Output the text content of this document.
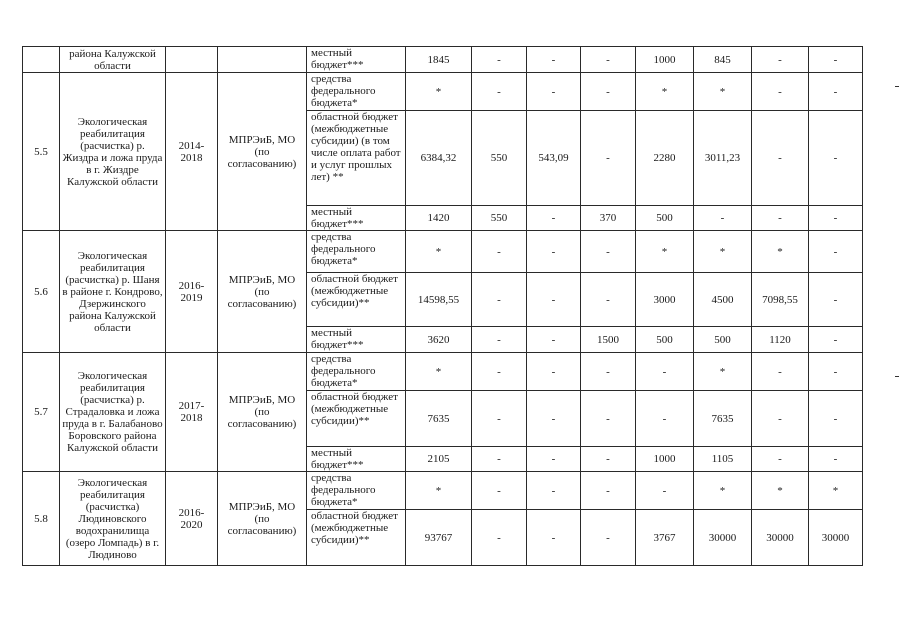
	района Калужской области			местный бюджет***	1845	-	-	-	1000	845	-	-
5.5	Экологическая реабилитация (расчистка) р. Жиздра и ложа пруда в г. Жиздре Калужской области	2014-2018	МПРЭиБ, МО (по согласованию)	средства федерального бюджета*	*	-	-	-	*	*	-	-
				областной бюджет (межбюджетные субсидии) (в том числе оплата работ и услуг прошлых лет) **	6384,32	550	543,09	-	2280	3011,23	-	-
				местный бюджет***	1420	550	-	370	500	-	-	-
5.6	Экологическая реабилитация (расчистка) р. Шаня в районе г. Кондрово, Дзержинского района Калужской области	2016-2019	МПРЭиБ, МО (по согласованию)	средства федерального бюджета*	*	-	-	-	*	*	*	-
				областной бюджет (межбюджетные субсидии)**	14598,55	-	-	-	3000	4500	7098,55	-
				местный бюджет***	3620	-	-	1500	500	500	1120	-
5.7	Экологическая реабилитация (расчистка) р. Страдаловка и ложа пруда в г. Балабаново Боровского района Калужской области	2017-2018	МПРЭиБ, МО (по согласованию)	средства федерального бюджета*	*	-	-	-	-	*	-	-
				областной бюджет (межбюджетные субсидии)**	7635	-	-	-	-	7635	-	-
				местный бюджет***	2105	-	-	-	1000	1105	-	-
5.8	Экологическая реабилитация (расчистка) Людиновского водохранилища (озеро Ломпадь) в г. Людиново	2016-2020	МПРЭиБ, МО (по согласованию)	средства федерального бюджета*	*	-	-	-	-	*	*	*
				областной бюджет (межбюджетные субсидии)**	93767	-	-	-	3767	30000	30000	30000
